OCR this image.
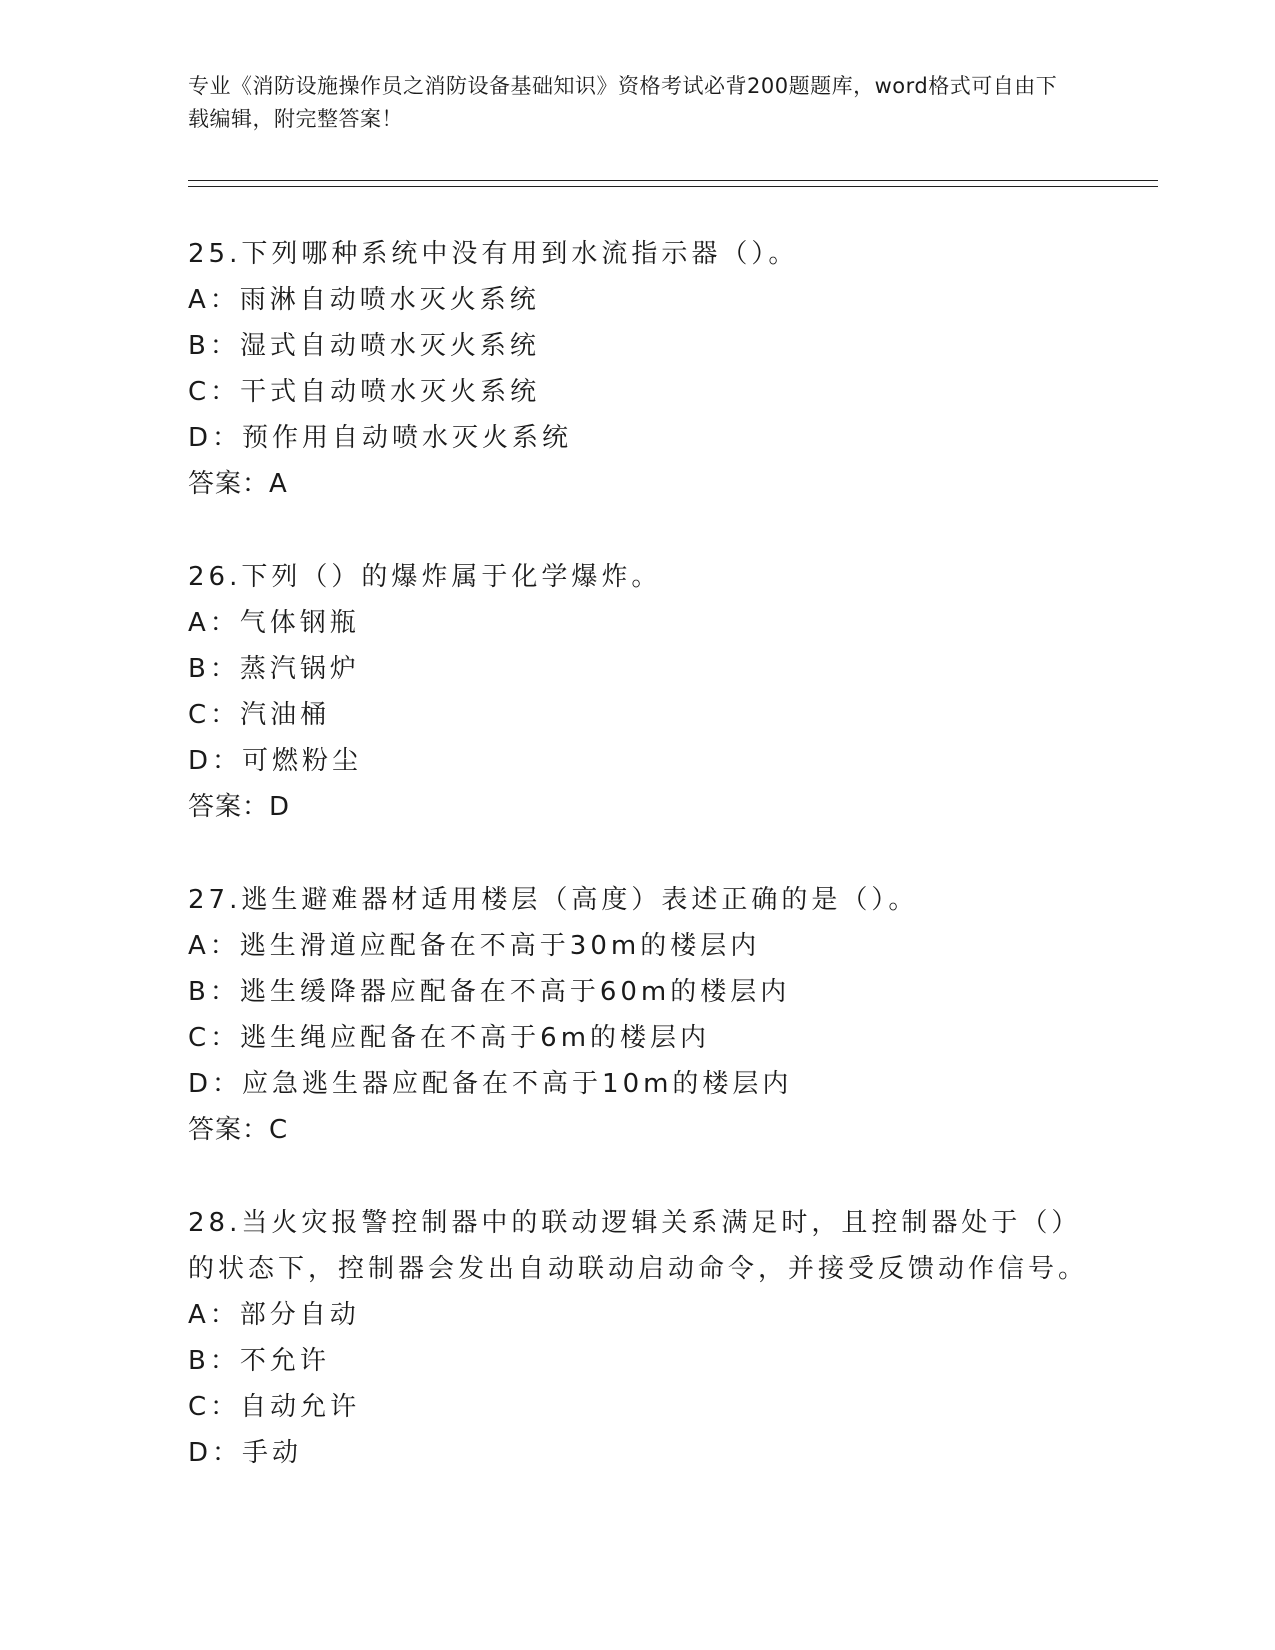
专业《消防设施操作员之消防设备基础知识》资格考试必背200题题库，word格式可自由下载编辑，附完整答案！

25.下列哪种系统中没有用到水流指示器（）。

A：雨淋自动喷水灭火系统

B：湿式自动喷水灭火系统

C：干式自动喷水灭火系统

D：预作用自动喷水灭火系统

答案：A

26.下列（）的爆炸属于化学爆炸。

A：气体钢瓶

B：蒸汽锅炉

C：汽油桶

D：可燃粉尘

答案：D

27.逃生避难器材适用楼层（高度）表述正确的是（）。

A：逃生滑道应配备在不高于30m的楼层内

B：逃生缓降器应配备在不高于60m的楼层内

C：逃生绳应配备在不高于6m的楼层内

D：应急逃生器应配备在不高于10m的楼层内

答案：C

28.当火灾报警控制器中的联动逻辑关系满足时，且控制器处于（）的状态下，控制器会发出自动联动启动命令，并接受反馈动作信号。

A：部分自动

B：不允许

C：自动允许

D：手动
